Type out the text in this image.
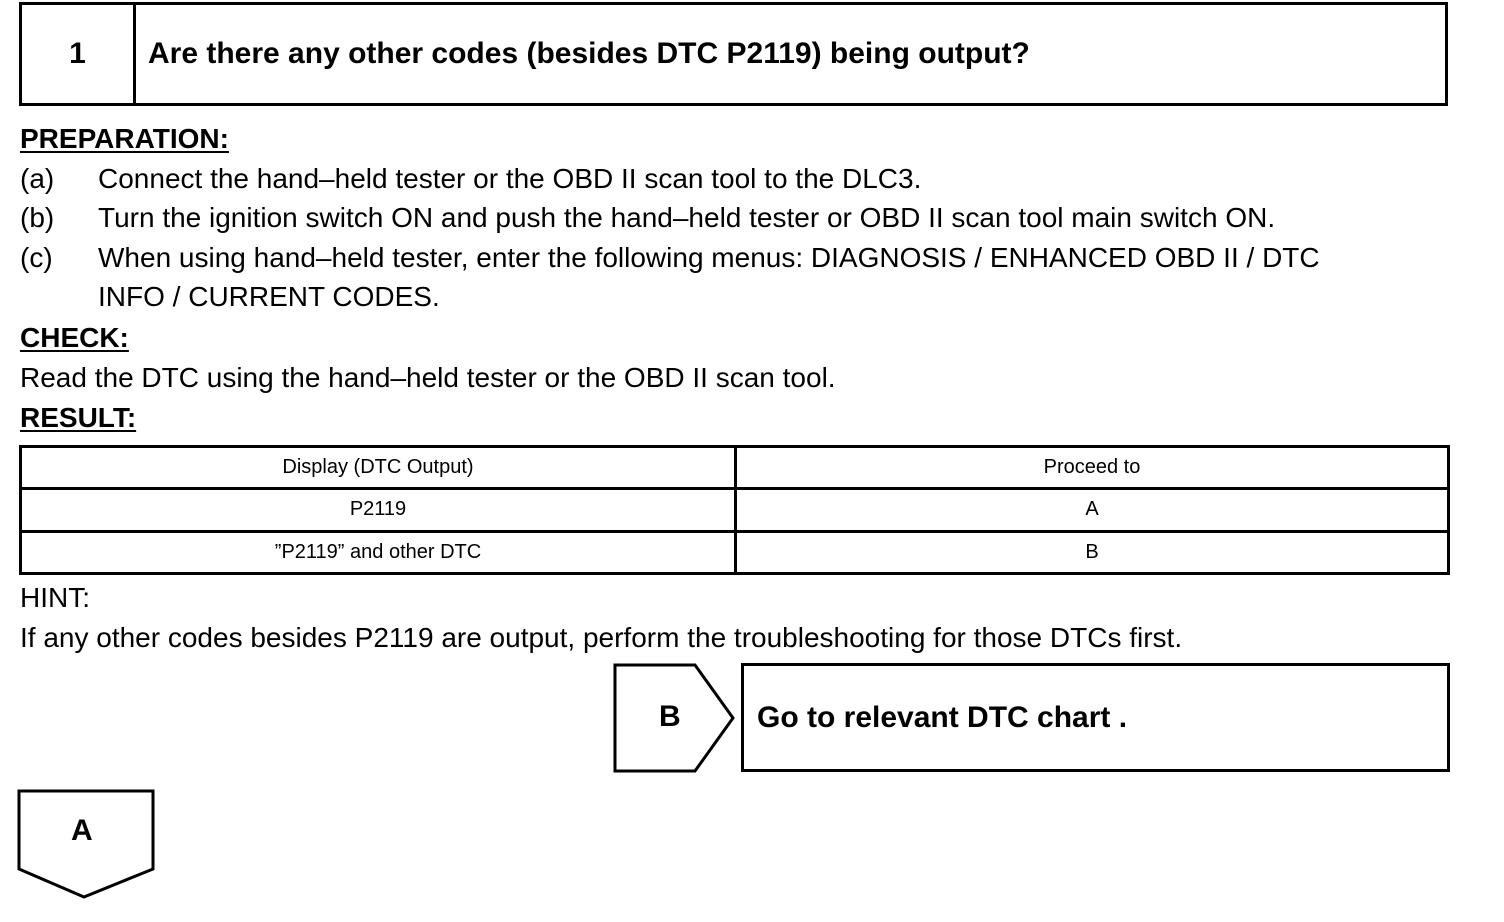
1	Are there any other codes (besides DTC P2119) being output?
PREPARATION:
(a) Connect the hand–held tester or the OBD II scan tool to the DLC3.
(b) Turn the ignition switch ON and push the hand–held tester or OBD II scan tool main switch ON.
(c) When using hand–held tester, enter the following menus: DIAGNOSIS / ENHANCED OBD II / DTC
INFO / CURRENT CODES.
CHECK:
Read the DTC using the hand–held tester or the OBD II scan tool.
RESULT:
Display (DTC Output)	Proceed to
P2119	A
”P2119” and other DTC	B
HINT:
If any other codes besides P2119 are output, perform the troubleshooting for those DTCs first.
B	Go to relevant DTC chart .
A
